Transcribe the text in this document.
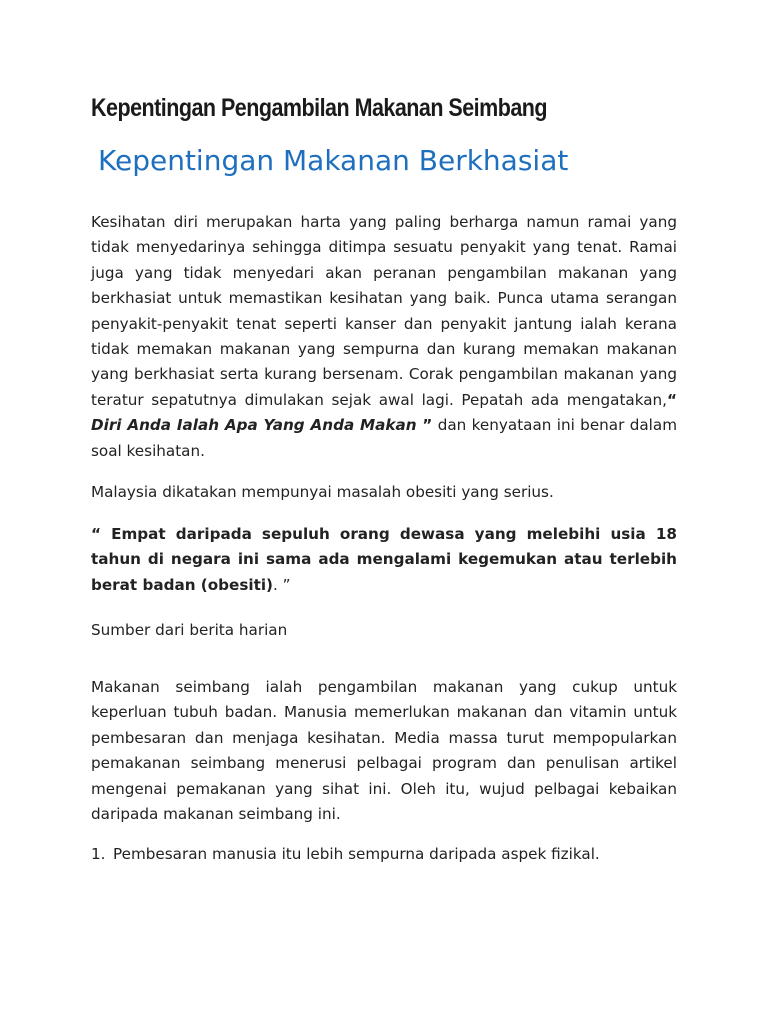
Kepentingan Pengambilan Makanan Seimbang
Kepentingan Makanan Berkhasiat

Kesihatan diri merupakan harta yang paling berharga namun ramai yang tidak menyedarinya sehingga ditimpa sesuatu penyakit yang tenat. Ramai juga yang tidak menyedari akan peranan pengambilan makanan yang berkhasiat untuk memastikan kesihatan yang baik. Punca utama serangan penyakit-penyakit tenat seperti kanser dan penyakit jantung ialah kerana tidak memakan makanan yang sempurna dan kurang memakan makanan yang berkhasiat serta kurang bersenam. Corak pengambilan makanan yang teratur sepatutnya dimulakan sejak awal lagi. Pepatah ada mengatakan,“ Diri Anda Ialah Apa Yang Anda Makan ” dan kenyataan ini benar dalam soal kesihatan.

Malaysia dikatakan mempunyai masalah obesiti yang serius.

“ Empat daripada sepuluh orang dewasa yang melebihi usia 18 tahun di negara ini sama ada mengalami kegemukan atau terlebih berat badan (obesiti). ”

Sumber dari berita harian

Makanan seimbang ialah pengambilan makanan yang cukup untuk keperluan tubuh badan. Manusia memerlukan makanan dan vitamin untuk pembesaran dan menjaga kesihatan. Media massa turut mempopularkan pemakanan seimbang menerusi pelbagai program dan penulisan artikel mengenai pemakanan yang sihat ini. Oleh itu, wujud pelbagai kebaikan daripada makanan seimbang ini.

1. Pembesaran manusia itu lebih sempurna daripada aspek fizikal.
